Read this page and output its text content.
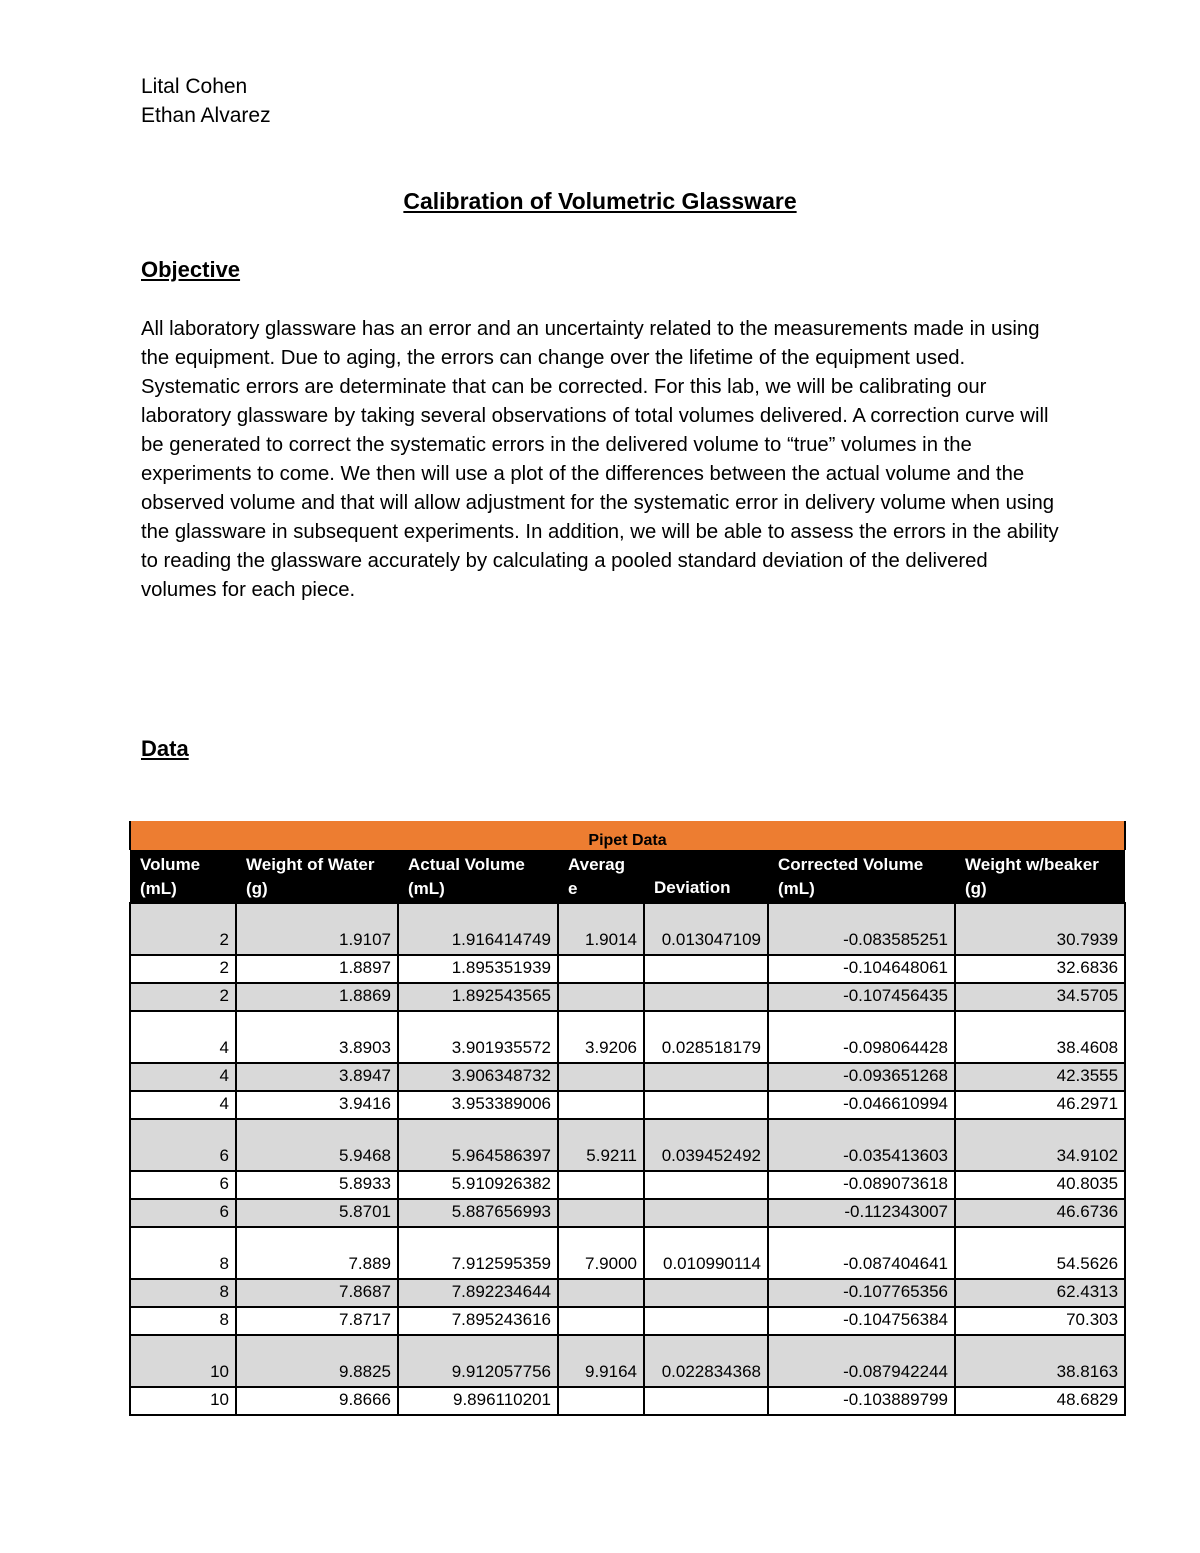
Lital Cohen
Ethan Alvarez
Calibration of Volumetric Glassware
Objective

All laboratory glassware has an error and an uncertainty related to the measurements made in using the equipment. Due to aging, the errors can change over the lifetime of the equipment used. Systematic errors are determinate that can be corrected. For this lab, we will be calibrating our laboratory glassware by taking several observations of total volumes delivered. A correction curve will be generated to correct the systematic errors in the delivered volume to “true” volumes in the experiments to come. We then will use a plot of the differences between the actual volume and the observed volume and that will allow adjustment for the systematic error in delivery volume when using the glassware in subsequent experiments. In addition, we will be able to assess the errors in the ability to reading the glassware accurately by calculating a pooled standard deviation of the delivered volumes for each piece.

Data
Pipet Data						
Volume (mL)	Weight of Water (g)	Actual Volume (mL)	Averag e	Deviation	Corrected Volume (mL)	Weight w/beaker (g)
2	1.9107	1.916414749	1.9014	0.013047109	-0.083585251	30.7939
2	1.8897	1.895351939			-0.104648061	32.6836
2	1.8869	1.892543565			-0.107456435	34.5705
4	3.8903	3.901935572	3.9206	0.028518179	-0.098064428	38.4608
4	3.8947	3.906348732			-0.093651268	42.3555
4	3.9416	3.953389006			-0.046610994	46.2971
6	5.9468	5.964586397	5.9211	0.039452492	-0.035413603	34.9102
6	5.8933	5.910926382			-0.089073618	40.8035
6	5.8701	5.887656993			-0.112343007	46.6736
8	7.889	7.912595359	7.9000	0.010990114	-0.087404641	54.5626
8	7.8687	7.892234644			-0.107765356	62.4313
8	7.8717	7.895243616			-0.104756384	70.303
10	9.8825	9.912057756	9.9164	0.022834368	-0.087942244	38.8163
10	9.8666	9.896110201			-0.103889799	48.6829
